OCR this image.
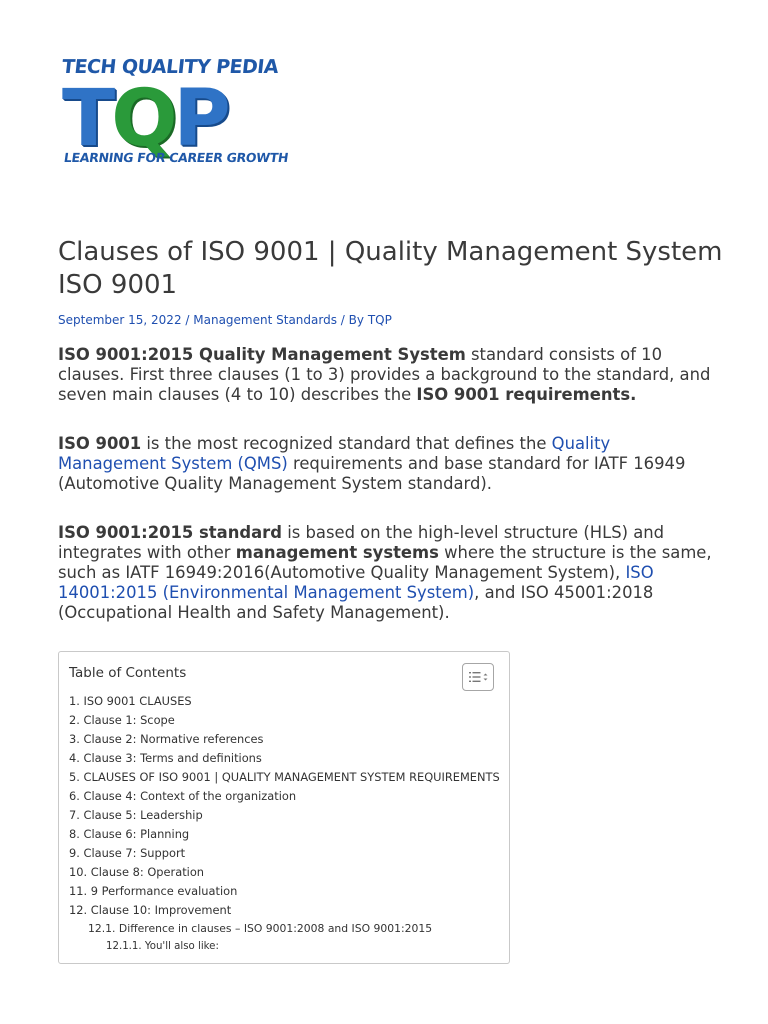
TECH QUALITY PEDIA
TQP
LEARNING FOR CAREER GROWTH
Clauses of ISO 9001 | Quality Management System ISO 9001
September 15, 2022 / Management Standards / By TQP

ISO 9001:2015 Quality Management System standard consists of 10 clauses. First three clauses (1 to 3) provides a background to the standard, and seven main clauses (4 to 10) describes the ISO 9001 requirements.

ISO 9001 is the most recognized standard that defines the Quality Management System (QMS) requirements and base standard for IATF 16949 (Automotive Quality Management System standard).

ISO 9001:2015 standard is based on the high-level structure (HLS) and integrates with other management systems where the structure is the same, such as IATF 16949:2016(Automotive Quality Management System), ISO 14001:2015 (Environmental Management System), and ISO 45001:2018 (Occupational Health and Safety Management).

Table of Contents
1. ISO 9001 CLAUSES
2. Clause 1: Scope
3. Clause 2: Normative references
4. Clause 3: Terms and definitions
5. CLAUSES OF ISO 9001 | QUALITY MANAGEMENT SYSTEM REQUIREMENTS
6. Clause 4: Context of the organization
7. Clause 5: Leadership
8. Clause 6: Planning
9. Clause 7: Support
10. Clause 8: Operation
11. 9 Performance evaluation
12. Clause 10: Improvement
12.1. Difference in clauses – ISO 9001:2008 and ISO 9001:2015
12.1.1. You'll also like:
